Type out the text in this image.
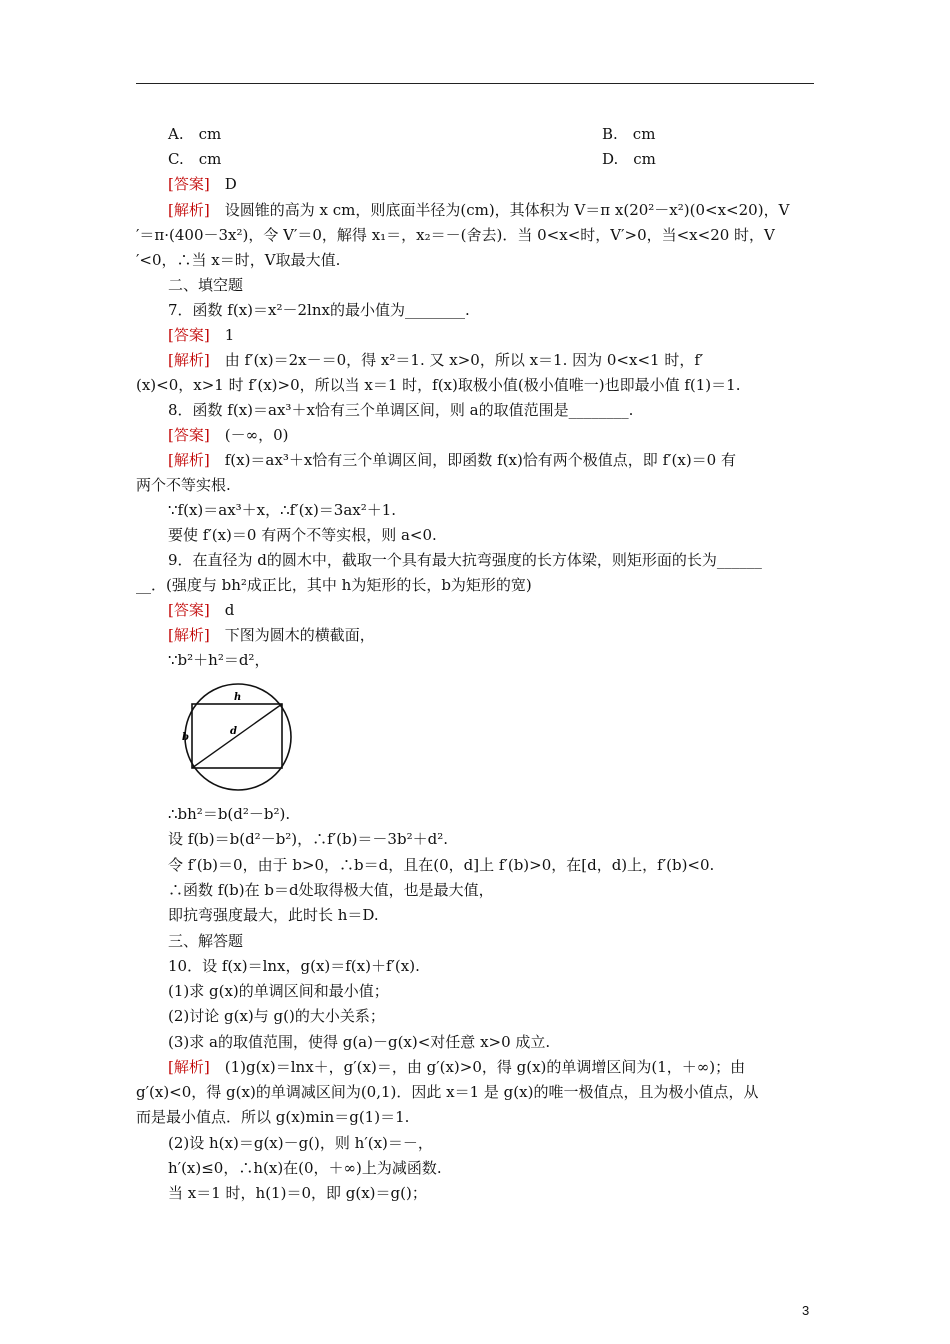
A.　cm	B.　cm
C.　cm	D.　cm
[答案]　D
[解析]　设圆锥的高为 x cm，则底面半径为(cm)，其体积为 V＝π x(20²－x²)(0<x<20)，V
′＝π·(400－3x²)，令 V′＝0，解得 x₁＝，x₂＝－(舍去)．当 0<x<时，V′>0，当<x<20 时，V
′<0，∴当 x＝时，V取最大值.
二、填空题
7．函数 f(x)＝x²－2lnx的最小值为________.
[答案]　1
[解析]　由 f′(x)＝2x－＝0，得 x²＝1. 又 x>0，所以 x＝1. 因为 0<x<1 时，f′
(x)<0，x>1 时 f′(x)>0，所以当 x＝1 时，f(x)取极小值(极小值唯一)也即最小值 f(1)＝1.
8．函数 f(x)＝ax³＋x恰有三个单调区间，则 a的取值范围是________.
[答案]　(－∞，0)
[解析]　f(x)＝ax³＋x恰有三个单调区间，即函数 f(x)恰有两个极值点，即 f′(x)＝0 有
两个不等实根.
∵f(x)＝ax³＋x，∴f′(x)＝3ax²＋1.
要使 f′(x)＝0 有两个不等实根，则 a<0.
9．在直径为 d的圆木中，截取一个具有最大抗弯强度的长方体梁，则矩形面的长为______
__．(强度与 bh²成正比，其中 h为矩形的长，b为矩形的宽)
[答案]　d
[解析]　下图为圆木的横截面，
∵b²＋h²＝d²，
h
b
d
∴bh²＝b(d²－b²).
设 f(b)＝b(d²－b²)，∴f′(b)＝－3b²＋d².
令 f′(b)＝0，由于 b>0，∴b＝d，且在(0，d]上 f′(b)>0，在[d，d)上，f′(b)<0.
∴函数 f(b)在 b＝d处取得极大值，也是最大值，
即抗弯强度最大，此时长 h＝D.
三、解答题
10．设 f(x)＝lnx，g(x)＝f(x)＋f′(x).
(1)求 g(x)的单调区间和最小值；
(2)讨论 g(x)与 g()的大小关系；
(3)求 a的取值范围，使得 g(a)－g(x)<对任意 x>0 成立.
[解析]　(1)g(x)＝lnx＋，g′(x)＝，由 g′(x)>0，得 g(x)的单调增区间为(1，＋∞)；由
g′(x)<0，得 g(x)的单调减区间为(0,1)．因此 x＝1 是 g(x)的唯一极值点，且为极小值点，从
而是最小值点．所以 g(x)min＝g(1)＝1.
(2)设 h(x)＝g(x)－g()，则 h′(x)＝－，
h′(x)≤0，∴h(x)在(0，＋∞)上为减函数.
当 x＝1 时，h(1)＝0，即 g(x)＝g()；
3
